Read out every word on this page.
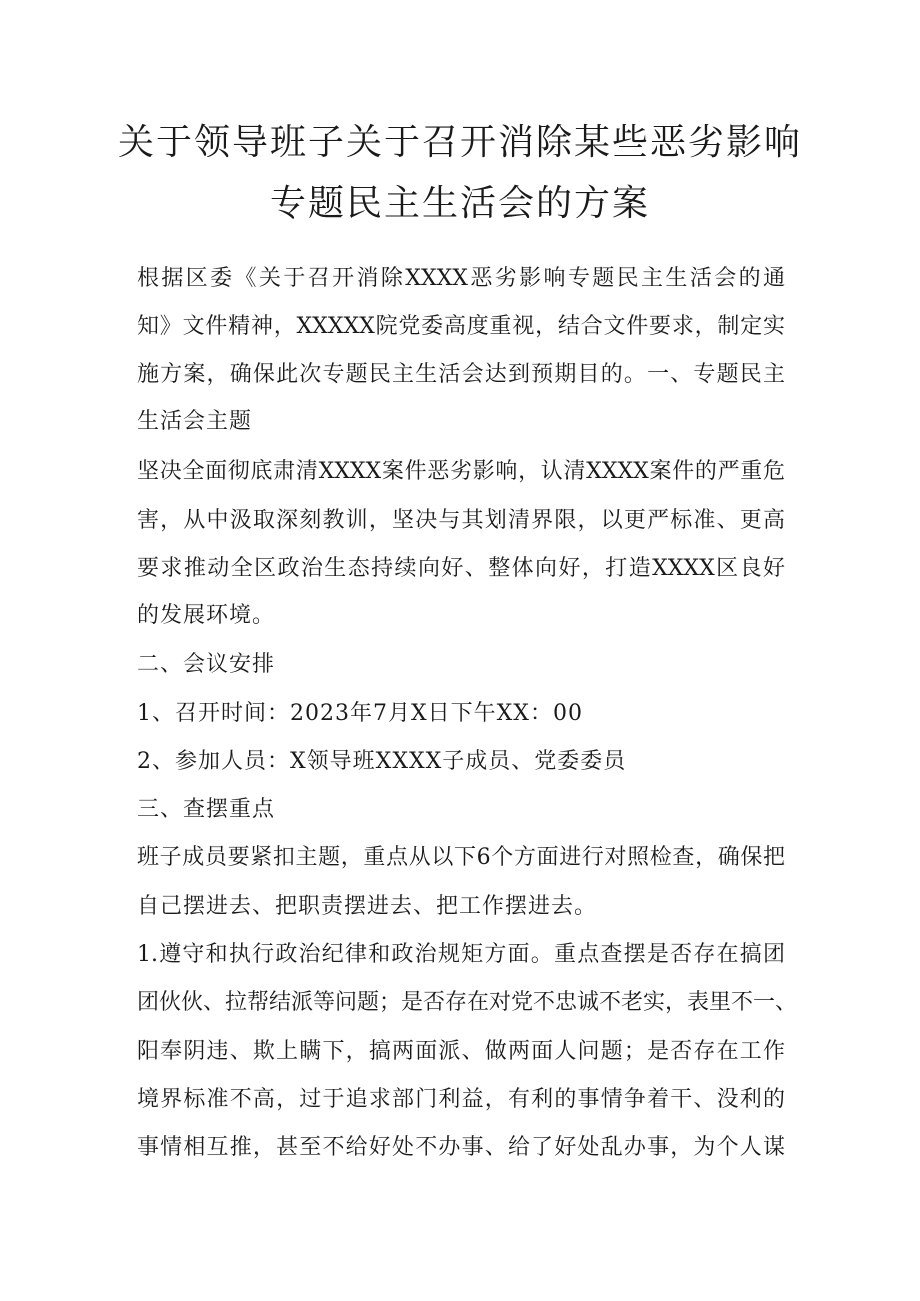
关于领导班子关于召开消除某些恶劣影响
专题民主生活会的方案
根据区委《关于召开消除XXXX恶劣影响专题民主生活会的通
知》文件精神，XXXXX院党委高度重视，结合文件要求，制定实
施方案，确保此次专题民主生活会达到预期目的。一、专题民主
生活会主题
坚决全面彻底肃清XXXX案件恶劣影响，认清XXXX案件的严重危
害，从中汲取深刻教训，坚决与其划清界限，以更严标准、更高
要求推动全区政治生态持续向好、整体向好，打造XXXX区良好
的发展环境。
二、会议安排
1、召开时间：2023年7月X日下午XX：00
2、参加人员：X领导班XXXX子成员、党委委员
三、查摆重点
班子成员要紧扣主题，重点从以下6个方面进行对照检查，确保把
自己摆进去、把职责摆进去、把工作摆进去。
1.遵守和执行政治纪律和政治规矩方面。重点查摆是否存在搞团
团伙伙、拉帮结派等问题；是否存在对党不忠诚不老实，表里不一、
阳奉阴违、欺上瞒下，搞两面派、做两面人问题；是否存在工作
境界标准不高，过于追求部门利益，有利的事情争着干、没利的
事情相互推，甚至不给好处不办事、给了好处乱办事，为个人谋
